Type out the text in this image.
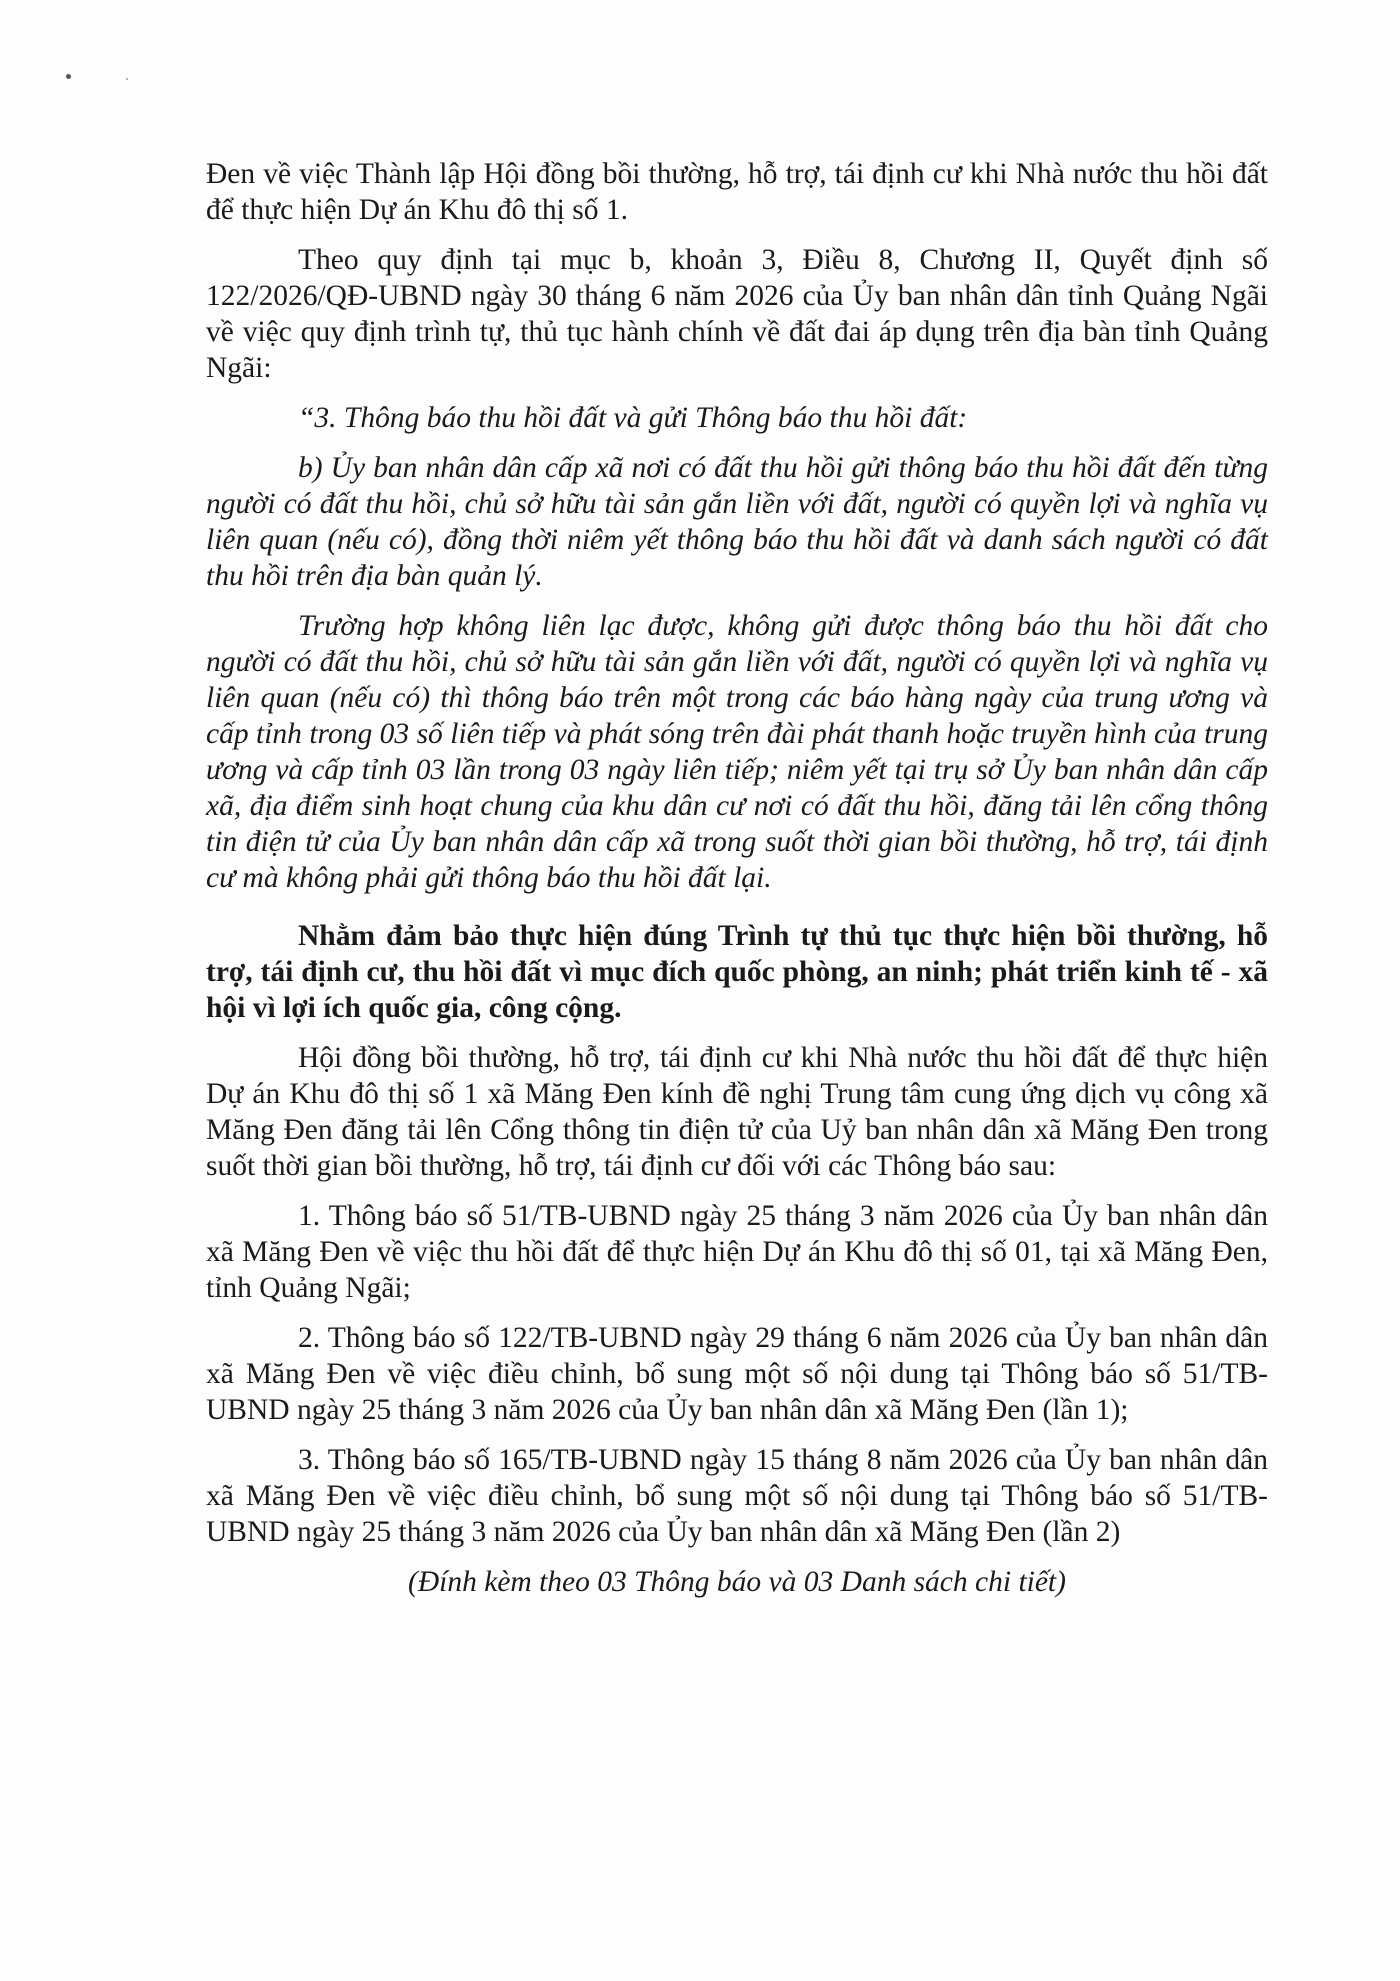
Đen về việc Thành lập Hội đồng bồi thường, hỗ trợ, tái định cư khi Nhà nước thu hồi đất để thực hiện Dự án Khu đô thị số 1.

Theo quy định tại mục b, khoản 3, Điều 8, Chương II, Quyết định số 122/2026/QĐ-UBND ngày 30 tháng 6 năm 2026 của Ủy ban nhân dân tỉnh Quảng Ngãi về việc quy định trình tự, thủ tục hành chính về đất đai áp dụng trên địa bàn tỉnh Quảng Ngãi:

“3. Thông báo thu hồi đất và gửi Thông báo thu hồi đất:

b) Ủy ban nhân dân cấp xã nơi có đất thu hồi gửi thông báo thu hồi đất đến từng người có đất thu hồi, chủ sở hữu tài sản gắn liền với đất, người có quyền lợi và nghĩa vụ liên quan (nếu có), đồng thời niêm yết thông báo thu hồi đất và danh sách người có đất thu hồi trên địa bàn quản lý.

Trường hợp không liên lạc được, không gửi được thông báo thu hồi đất cho người có đất thu hồi, chủ sở hữu tài sản gắn liền với đất, người có quyền lợi và nghĩa vụ liên quan (nếu có) thì thông báo trên một trong các báo hàng ngày của trung ương và cấp tỉnh trong 03 số liên tiếp và phát sóng trên đài phát thanh hoặc truyền hình của trung ương và cấp tỉnh 03 lần trong 03 ngày liên tiếp; niêm yết tại trụ sở Ủy ban nhân dân cấp xã, địa điểm sinh hoạt chung của khu dân cư nơi có đất thu hồi, đăng tải lên cổng thông tin điện tử của Ủy ban nhân dân cấp xã trong suốt thời gian bồi thường, hỗ trợ, tái định cư mà không phải gửi thông báo thu hồi đất lại.

Nhằm đảm bảo thực hiện đúng Trình tự thủ tục thực hiện bồi thường, hỗ trợ, tái định cư, thu hồi đất vì mục đích quốc phòng, an ninh; phát triển kinh tế - xã hội vì lợi ích quốc gia, công cộng.

Hội đồng bồi thường, hỗ trợ, tái định cư khi Nhà nước thu hồi đất để thực hiện Dự án Khu đô thị số 1 xã Măng Đen kính đề nghị Trung tâm cung ứng dịch vụ công xã Măng Đen đăng tải lên Cổng thông tin điện tử của Uỷ ban nhân dân xã Măng Đen trong suốt thời gian bồi thường, hỗ trợ, tái định cư đối với các Thông báo sau:

1. Thông báo số 51/TB-UBND ngày 25 tháng 3 năm 2026 của Ủy ban nhân dân xã Măng Đen về việc thu hồi đất để thực hiện Dự án Khu đô thị số 01, tại xã Măng Đen, tỉnh Quảng Ngãi;

2. Thông báo số 122/TB-UBND ngày 29 tháng 6 năm 2026 của Ủy ban nhân dân xã Măng Đen về việc điều chỉnh, bổ sung một số nội dung tại Thông báo số 51/TB-UBND ngày 25 tháng 3 năm 2026 của Ủy ban nhân dân xã Măng Đen (lần 1);

3. Thông báo số 165/TB-UBND ngày 15 tháng 8 năm 2026 của Ủy ban nhân dân xã Măng Đen về việc điều chỉnh, bổ sung một số nội dung tại Thông báo số 51/TB-UBND ngày 25 tháng 3 năm 2026 của Ủy ban nhân dân xã Măng Đen (lần 2)

(Đính kèm theo 03 Thông báo và 03 Danh sách chi tiết)
